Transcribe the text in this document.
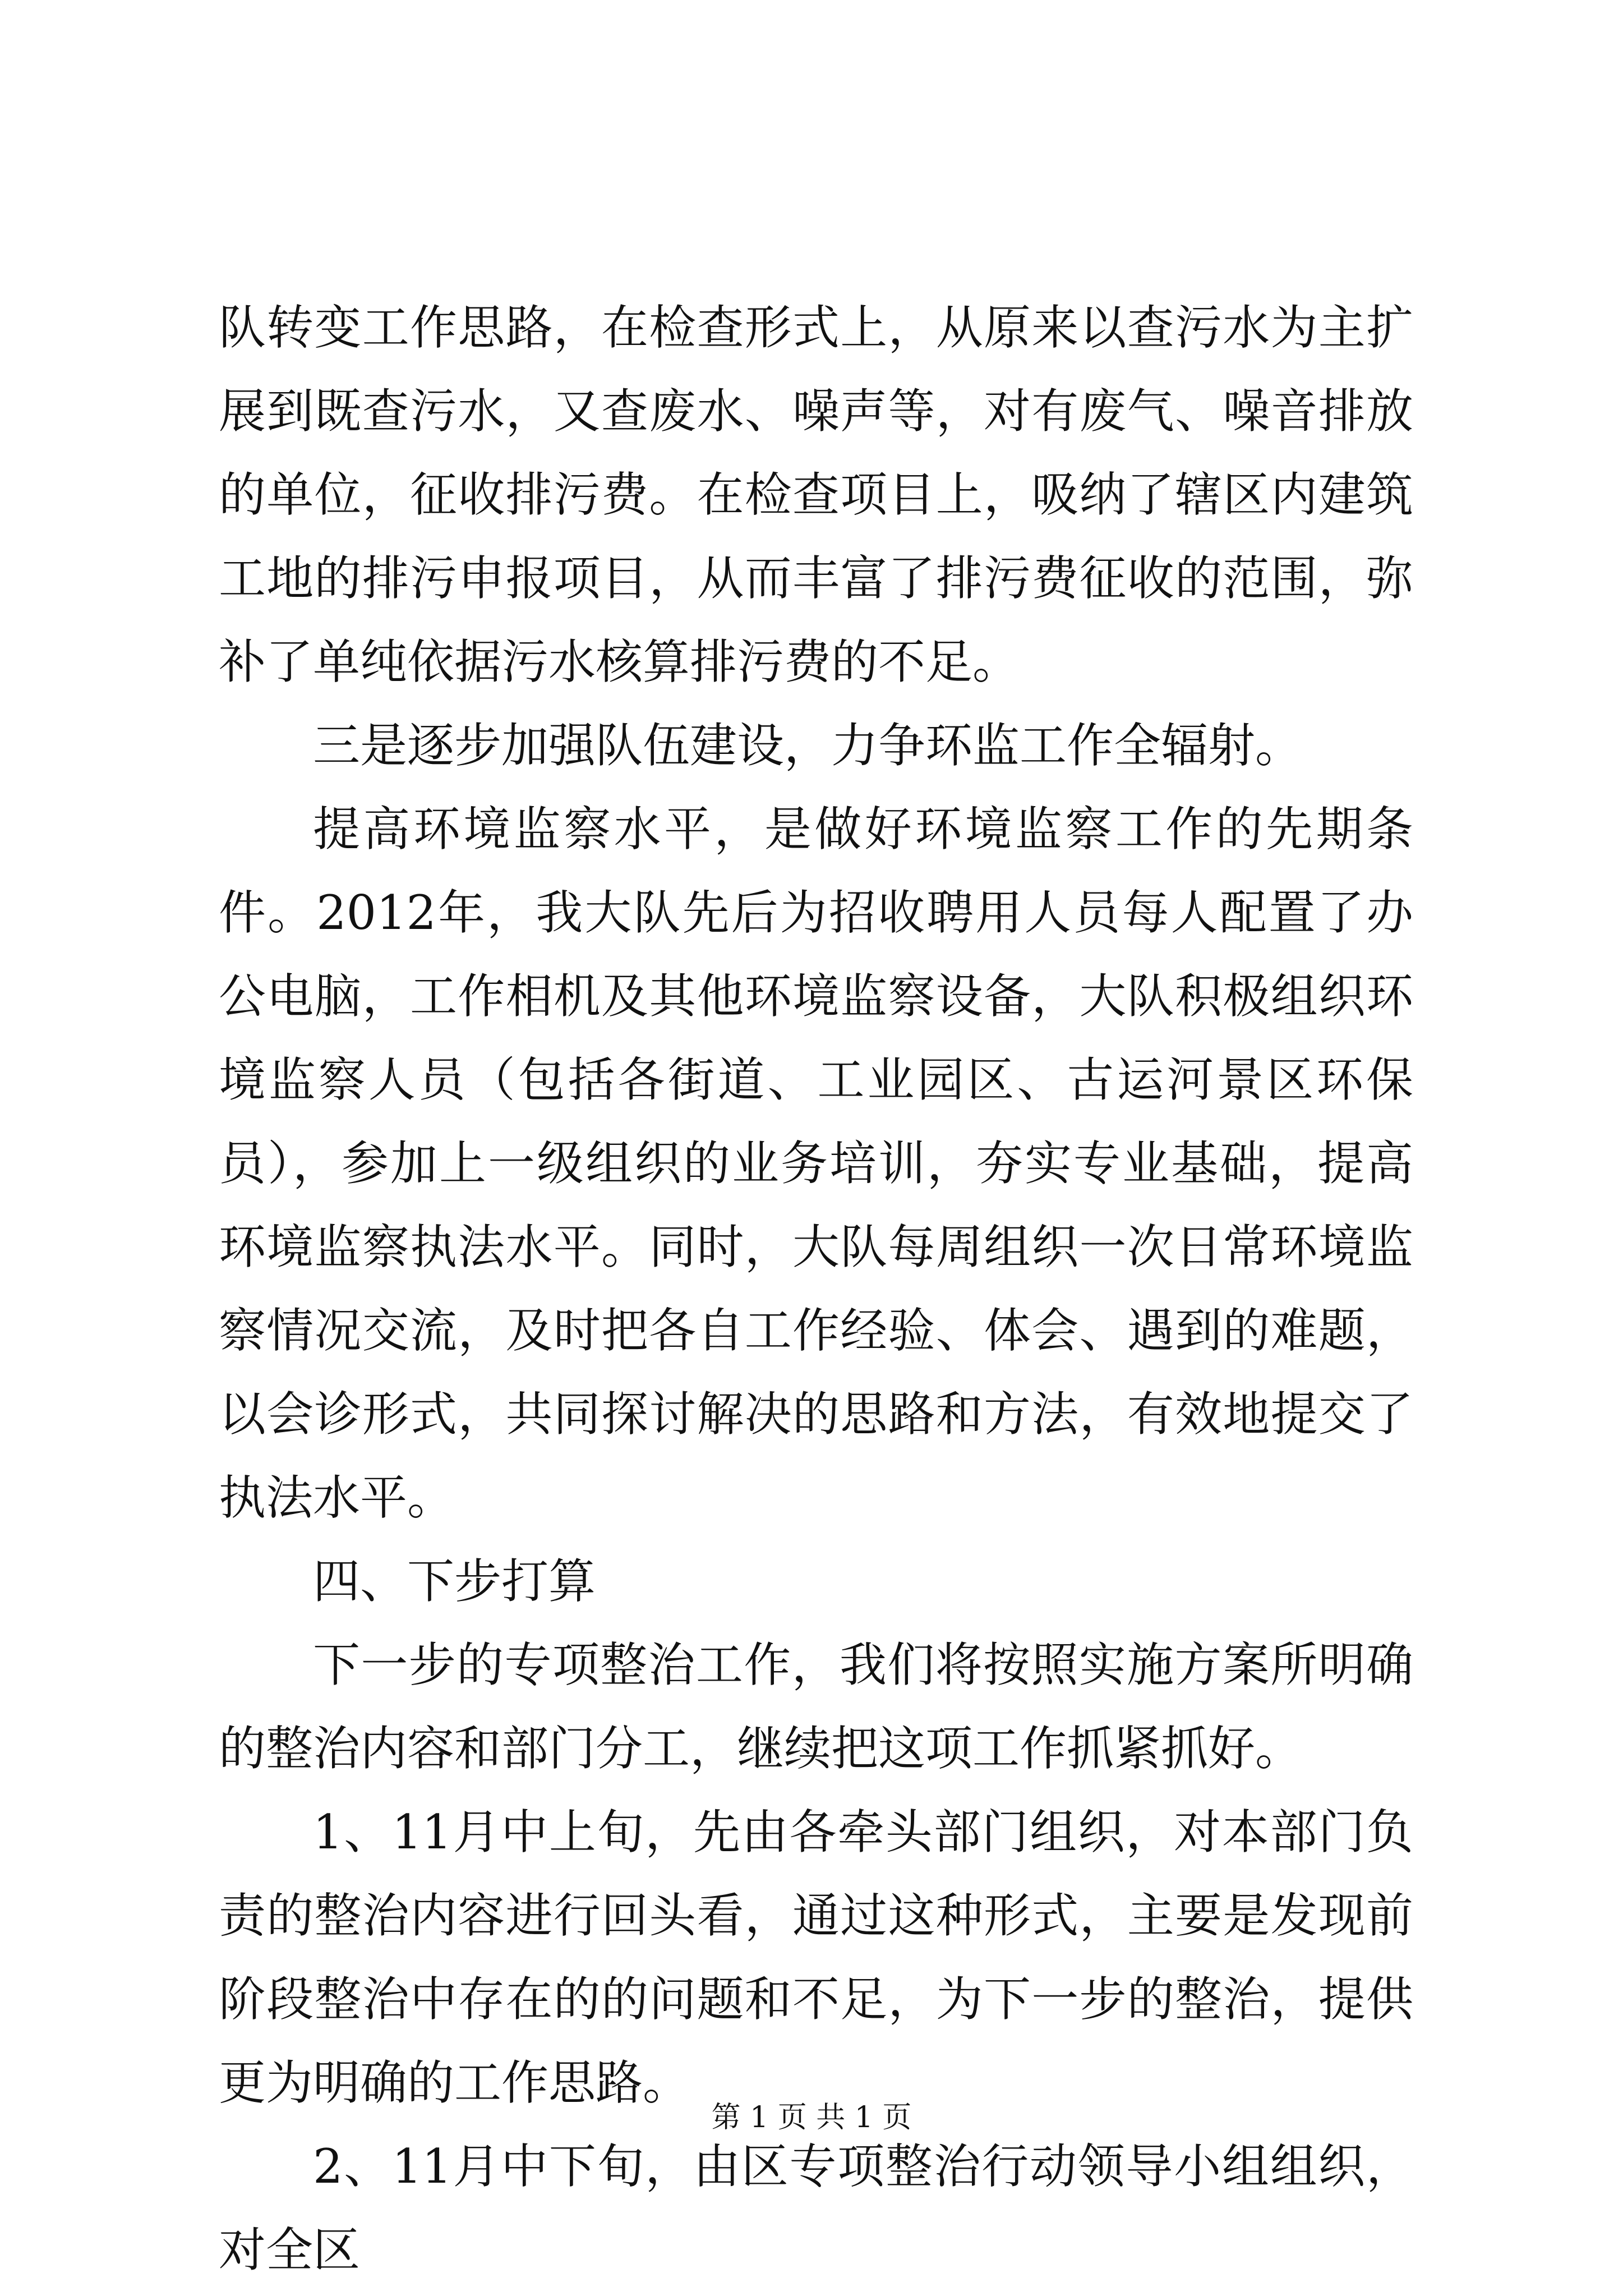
队转变工作思路，在检查形式上，从原来以查污水为主扩展到既查污水，又查废水、噪声等，对有废气、噪音排放的单位，征收排污费。在检查项目上，吸纳了辖区内建筑工地的排污申报项目，从而丰富了排污费征收的范围，弥补了单纯依据污水核算排污费的不足。

三是逐步加强队伍建设，力争环监工作全辐射。

提高环境监察水平，是做好环境监察工作的先期条件。2012年，我大队先后为招收聘用人员每人配置了办公电脑，工作相机及其他环境监察设备，大队积极组织环境监察人员（包括各街道、工业园区、古运河景区环保员），参加上一级组织的业务培训，夯实专业基础，提高环境监察执法水平。同时，大队每周组织一次日常环境监察情况交流，及时把各自工作经验、体会、遇到的难题，以会诊形式，共同探讨解决的思路和方法，有效地提交了执法水平。

四、下步打算

下一步的专项整治工作，我们将按照实施方案所明确的整治内容和部门分工，继续把这项工作抓紧抓好。

1、11月中上旬，先由各牵头部门组织，对本部门负责的整治内容进行回头看，通过这种形式，主要是发现前阶段整治中存在的的问题和不足，为下一步的整治，提供更为明确的工作思路。

2、11月中下旬，由区专项整治行动领导小组组织，对全区

第 1 页 共 1 页
